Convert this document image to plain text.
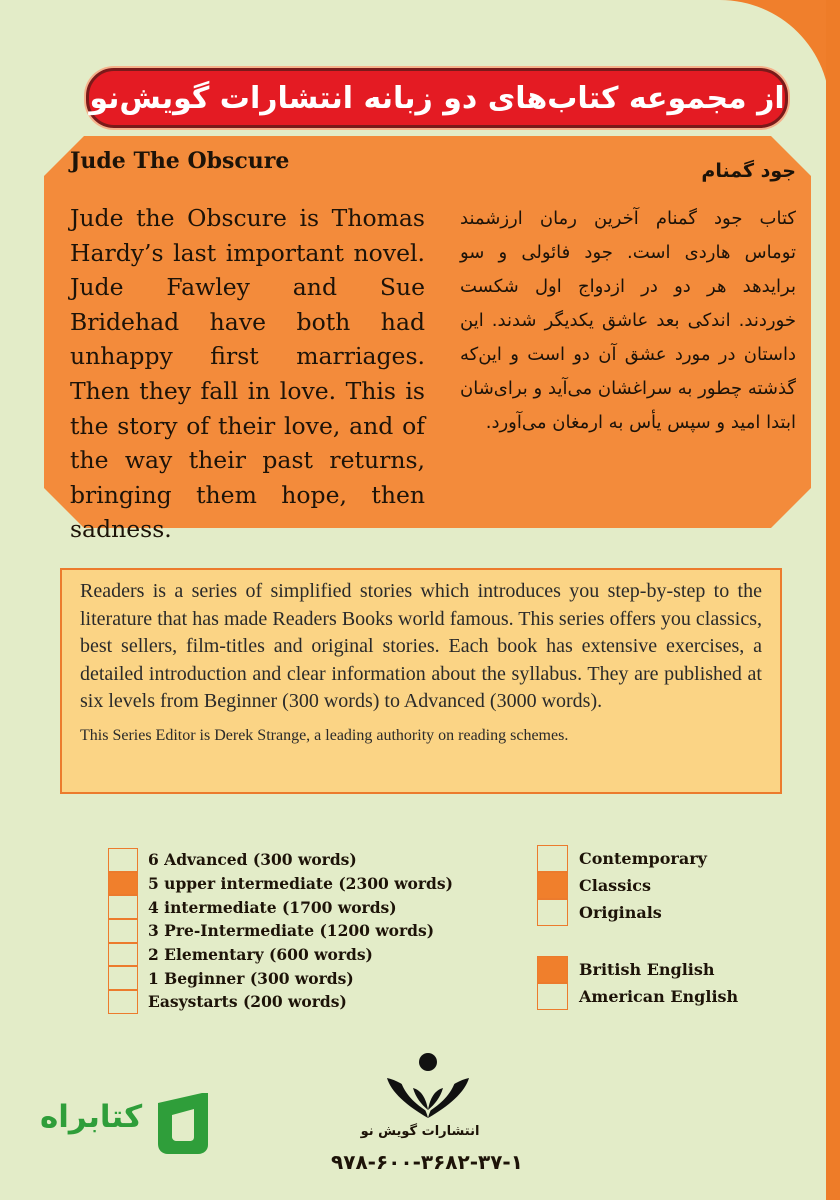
از مجموعه کتاب‌های دو زبانه انتشارات گویش‌نو
Jude The Obscure
Jude the Obscure is Thomas Hardy’s last important novel. Jude Fawley and Sue Bridehad have both had unhappy first marriages. Then they fall in love. This is the story of their love, and of the way their past returns, bringing them hope, then sadness.
جود گمنام
کتاب جود گمنام آخرین رمان ارزشمند توماس هاردی است. جود فائولی و سو برایدهد هر دو در ازدواج اول شکست خوردند. اندکی بعد عاشق یکدیگر شدند. این داستان در مورد عشق آن دو است و این‌که گذشته چطور به سراغشان می‌آید و برای‌شان ابتدا امید و سپس یأس به ارمغان می‌آورد.

Readers is a series of simplified stories which introduces you step-by-step to the literature that has made Readers Books world famous. This series offers you classics, best sellers, film-titles and original stories. Each book has extensive exercises, a detailed introduction and clear information about the syllabus. They are published at six levels from Beginner (300 words) to Advanced (3000 words).

This Series Editor is Derek Strange, a leading authority on reading schemes.

6 Advanced (300 words)
5 upper intermediate (2300 words)
4 intermediate (1700 words)
3 Pre-Intermediate (1200 words)
2 Elementary (600 words)
1 Beginner (300 words)
Easystarts (200 words)
Contemporary
Classics
Originals
British English
American English
انتشارات گویش نو
۹۷۸-۶۰۰-۳۶۸۲-۳۷-۱
کتابراه
